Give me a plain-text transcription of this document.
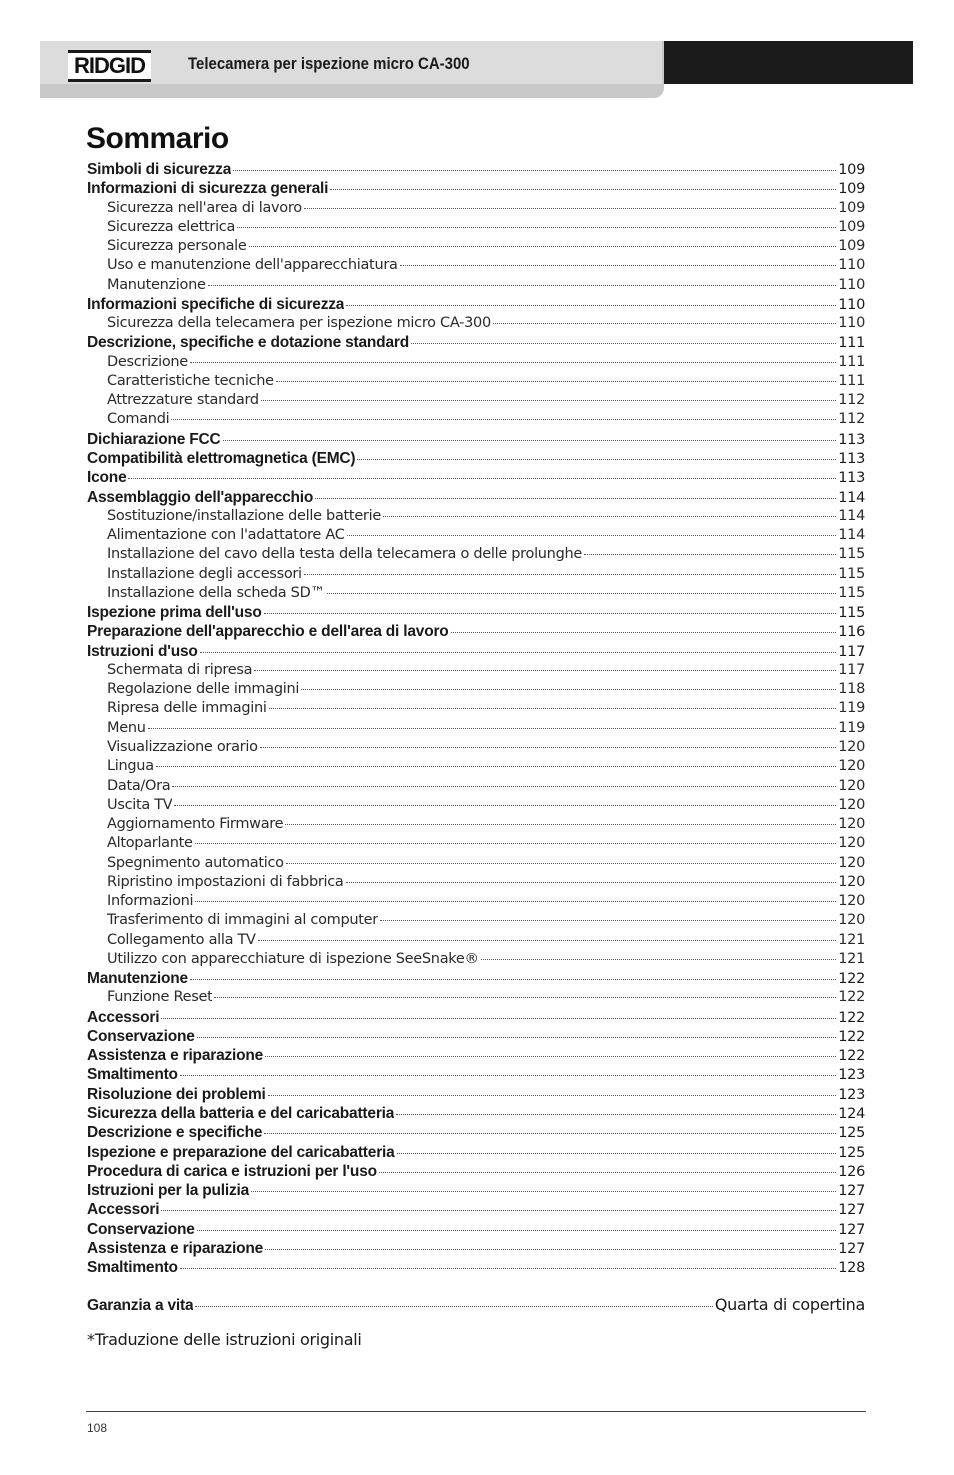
RIDGID	Telecamera per ispezione micro CA-300
Sommario
Simboli di sicurezza	109
Informazioni di sicurezza generali	109
Sicurezza nell'area di lavoro	109
Sicurezza elettrica	109
Sicurezza personale	109
Uso e manutenzione dell'apparecchiatura	110
Manutenzione	110
Informazioni specifiche di sicurezza	110
Sicurezza della telecamera per ispezione micro CA-300	110
Descrizione, specifiche e dotazione standard	111
Descrizione	111
Caratteristiche tecniche	111
Attrezzature standard	112
Comandi	112
Dichiarazione FCC	113
Compatibilità elettromagnetica (EMC)	113
Icone	113
Assemblaggio dell'apparecchio	114
Sostituzione/installazione delle batterie	114
Alimentazione con l'adattatore AC	114
Installazione del cavo della testa della telecamera o delle prolunghe	115
Installazione degli accessori	115
Installazione della scheda SD™	115
Ispezione prima dell'uso	115
Preparazione dell'apparecchio e dell'area di lavoro	116
Istruzioni d'uso	117
Schermata di ripresa	117
Regolazione delle immagini	118
Ripresa delle immagini	119
Menu	119
Visualizzazione orario	120
Lingua	120
Data/Ora	120
Uscita TV	120
Aggiornamento Firmware	120
Altoparlante	120
Spegnimento automatico	120
Ripristino impostazioni di fabbrica	120
Informazioni	120
Trasferimento di immagini al computer	120
Collegamento alla TV	121
Utilizzo con apparecchiature di ispezione SeeSnake®	121
Manutenzione	122
Funzione Reset	122
Accessori	122
Conservazione	122
Assistenza e riparazione	122
Smaltimento	123
Risoluzione dei problemi	123
Sicurezza della batteria e del caricabatteria	124
Descrizione e specifiche	125
Ispezione e preparazione del caricabatteria	125
Procedura di carica e istruzioni per l'uso	126
Istruzioni per la pulizia	127
Accessori	127
Conservazione	127
Assistenza e riparazione	127
Smaltimento	128
Garanzia a vita	Quarta di copertina

*Traduzione delle istruzioni originali

108
